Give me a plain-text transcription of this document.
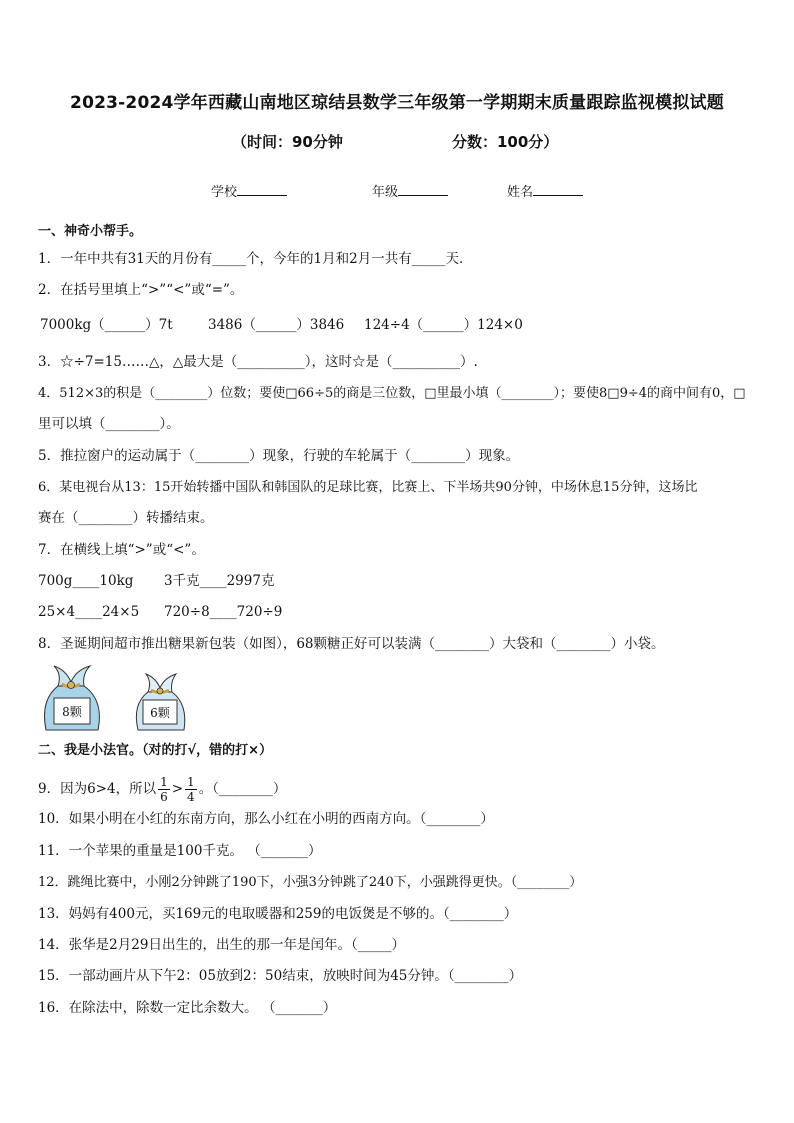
2023-2024学年西藏山南地区琼结县数学三年级第一学期期末质量跟踪监视模拟试题
（时间：90分钟	分数：100分）
学校	年级	姓名
一、神奇小帮手。
1．一年中共有31天的月份有_____个，今年的1月和2月一共有_____天．
2．在括号里填上“>”“<”或“=”。
7000kg（______）7t	3486（______）3846	124÷4（______）124×0
3．☆÷7=15……△，△最大是（__________），这时☆是（__________）.
4．512×3的积是（________）位数；要使□66÷5的商是三位数，□里最小填（________）；要使8□9÷4的商中间有0，□
里可以填（________）。
5．推拉窗户的运动属于（________）现象，行驶的车轮属于（________）现象。
6．某电视台从13：15开始转播中国队和韩国队的足球比赛，比赛上、下半场共90分钟，中场休息15分钟，这场比
赛在（________）转播结束。
7．在横线上填“>”或“<”。
700g____10kg	3千克____2997克
25×4____24×5	720÷8____720÷9
8．圣诞期间超市推出糖果新包装（如图），68颗糖正好可以装满（________）大袋和（________）小袋。
8颗	6颗
二、我是小法官。（对的打√，错的打×）
9．因为6>4，所以 $\frac{1}{6} > \frac{1}{4}$ 。（________）
10．如果小明在小红的东南方向，那么小红在小明的西南方向。（________）
11．一个苹果的重量是100千克。 （_______）
12．跳绳比赛中，小刚2分钟跳了190下，小强3分钟跳了240下，小强跳得更快。（________）
13．妈妈有400元，买169元的电取暖器和259的电饭煲是不够的。（________）
14．张华是2月29日出生的，出生的那一年是闰年。（_____）
15．一部动画片从下午2：05放到2：50结束，放映时间为45分钟。（________）
16．在除法中，除数一定比余数大。 （_______）
